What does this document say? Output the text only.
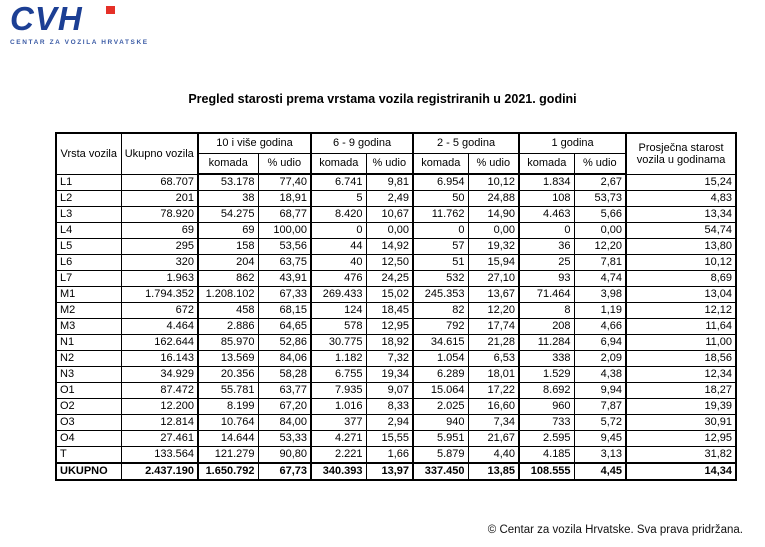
CVH
CENTAR ZA VOZILA HRVATSKE
Pregled starosti prema vrstama vozila registriranih u 2021. godini
Vrsta vozila	Ukupno vozila	10 i više godina		6 - 9 godina		2 - 5 godina		1 godina		Prosječna starost
vozila u godinama

		komada	% udio	komada	% udio	komada	% udio	komada	% udio	
L1	68.707	53.178	77,40	6.741	9,81	6.954	10,12	1.834	2,67	15,24
L2	201	38	18,91	5	2,49	50	24,88	108	53,73	4,83
L3	78.920	54.275	68,77	8.420	10,67	11.762	14,90	4.463	5,66	13,34
L4	69	69	100,00	0	0,00	0	0,00	0	0,00	54,74
L5	295	158	53,56	44	14,92	57	19,32	36	12,20	13,80
L6	320	204	63,75	40	12,50	51	15,94	25	7,81	10,12
L7	1.963	862	43,91	476	24,25	532	27,10	93	4,74	8,69
M1	1.794.352	1.208.102	67,33	269.433	15,02	245.353	13,67	71.464	3,98	13,04
M2	672	458	68,15	124	18,45	82	12,20	8	1,19	12,12
M3	4.464	2.886	64,65	578	12,95	792	17,74	208	4,66	11,64
N1	162.644	85.970	52,86	30.775	18,92	34.615	21,28	11.284	6,94	11,00
N2	16.143	13.569	84,06	1.182	7,32	1.054	6,53	338	2,09	18,56
N3	34.929	20.356	58,28	6.755	19,34	6.289	18,01	1.529	4,38	12,34
O1	87.472	55.781	63,77	7.935	9,07	15.064	17,22	8.692	9,94	18,27
O2	12.200	8.199	67,20	1.016	8,33	2.025	16,60	960	7,87	19,39
O3	12.814	10.764	84,00	377	2,94	940	7,34	733	5,72	30,91
O4	27.461	14.644	53,33	4.271	15,55	5.951	21,67	2.595	9,45	12,95
T	133.564	121.279	90,80	2.221	1,66	5.879	4,40	4.185	3,13	31,82
UKUPNO	2.437.190	1.650.792	67,73	340.393	13,97	337.450	13,85	108.555	4,45	14,34
© Centar za vozila Hrvatske. Sva prava pridržana.
